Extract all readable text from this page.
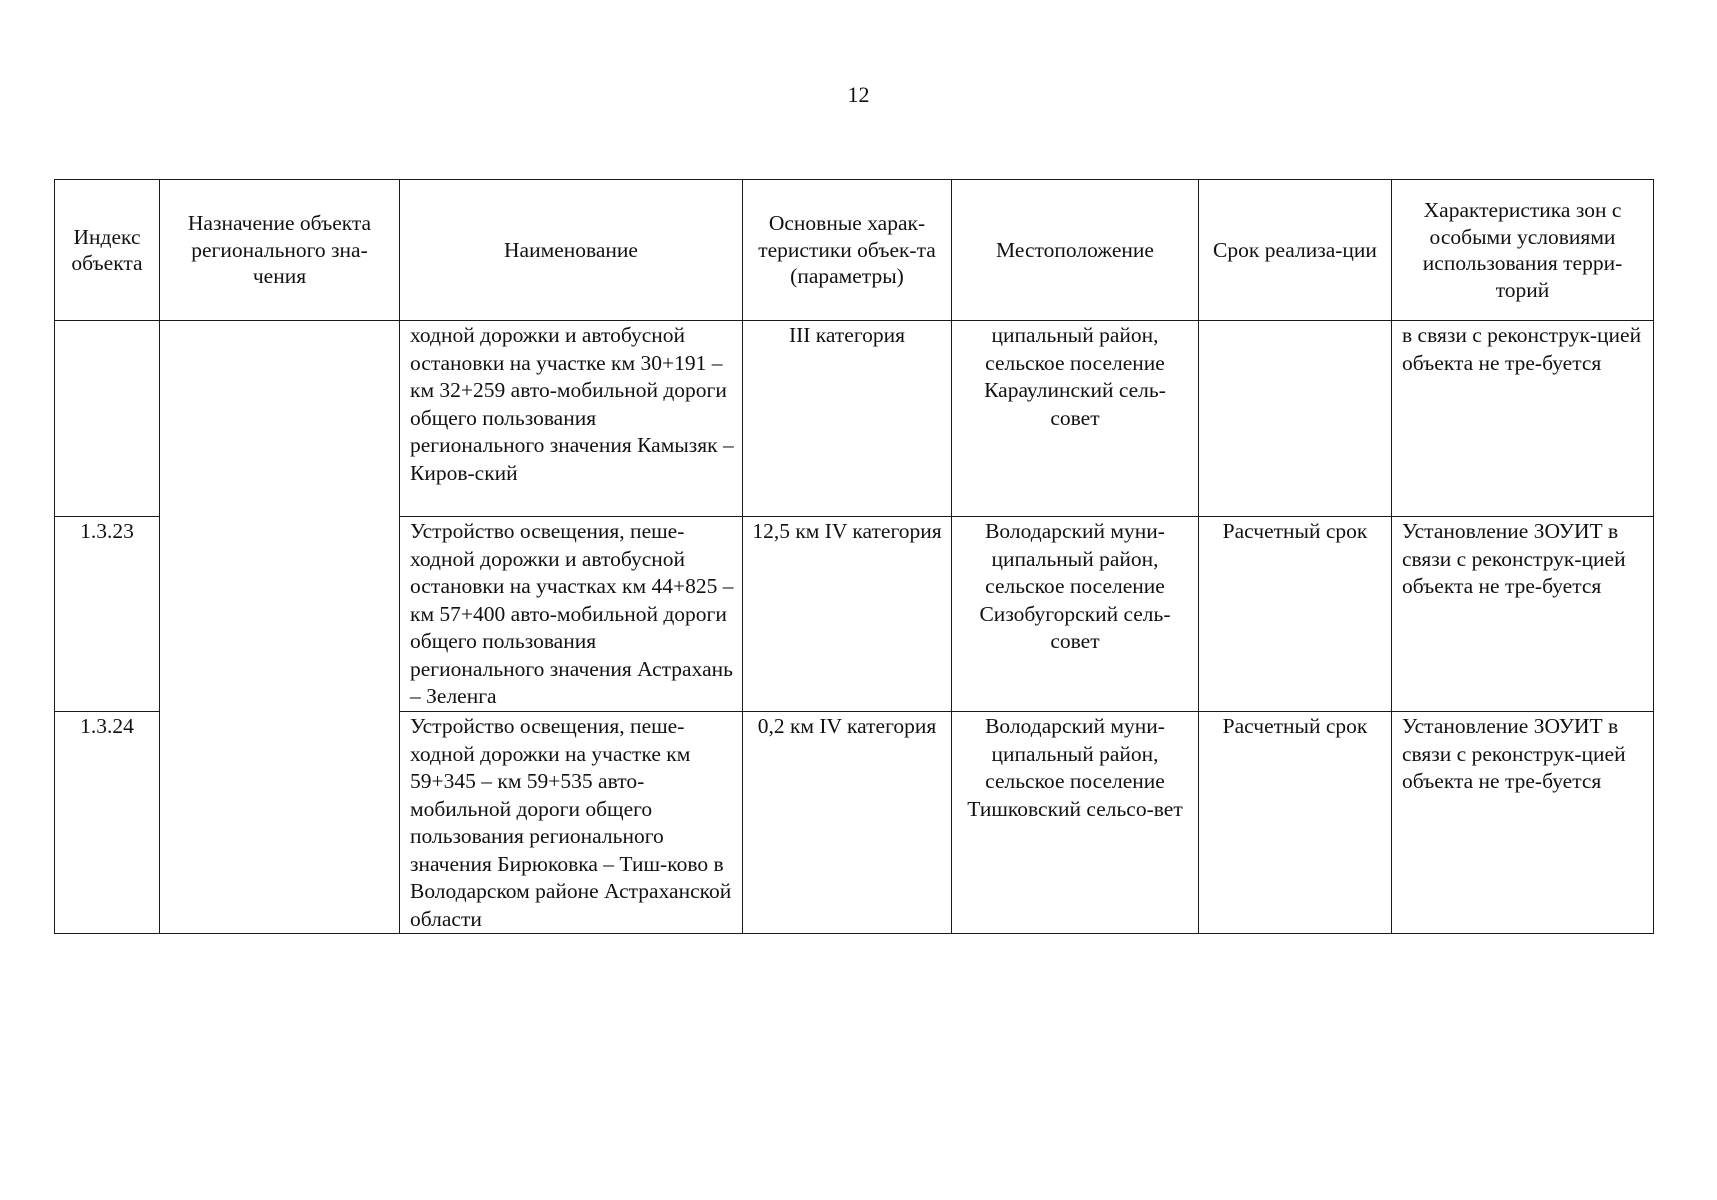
12
Индекс объекта	Назначение объекта регионального зна-чения	Наименование	Основные харак-теристики объек-та (параметры)	Местоположение	Срок реализа-ции	Характеристика зон с особыми условиями использования терри-торий
		ходной дорожки и автобусной остановки на участке км 30+191 – км 32+259 авто-мобильной дороги общего пользования регионального значения Камызяк – Киров-ский	III категория	ципальный район, сельское поселение Караулинский сель-совет		в связи с реконструк-цией объекта не тре-буется
1.3.23		Устройство освещения, пеше-ходной дорожки и автобусной остановки на участках км 44+825 – км 57+400 авто-мобильной дороги общего пользования регионального значения Астрахань – Зеленга	12,5 км IV категория	Володарский муни-ципальный район, сельское поселение Сизобугорский сель-совет	Расчетный срок	Установление ЗОУИТ в связи с реконструк-цией объекта не тре-буется
1.3.24		Устройство освещения, пеше-ходной дорожки на участке км 59+345 – км 59+535 авто-мобильной дороги общего пользования регионального значения Бирюковка – Тиш-ково в Володарском районе Астраханской области	0,2 км IV категория	Володарский муни-ципальный район, сельское поселение Тишковский сельсо-вет	Расчетный срок	Установление ЗОУИТ в связи с реконструк-цией объекта не тре-буется
